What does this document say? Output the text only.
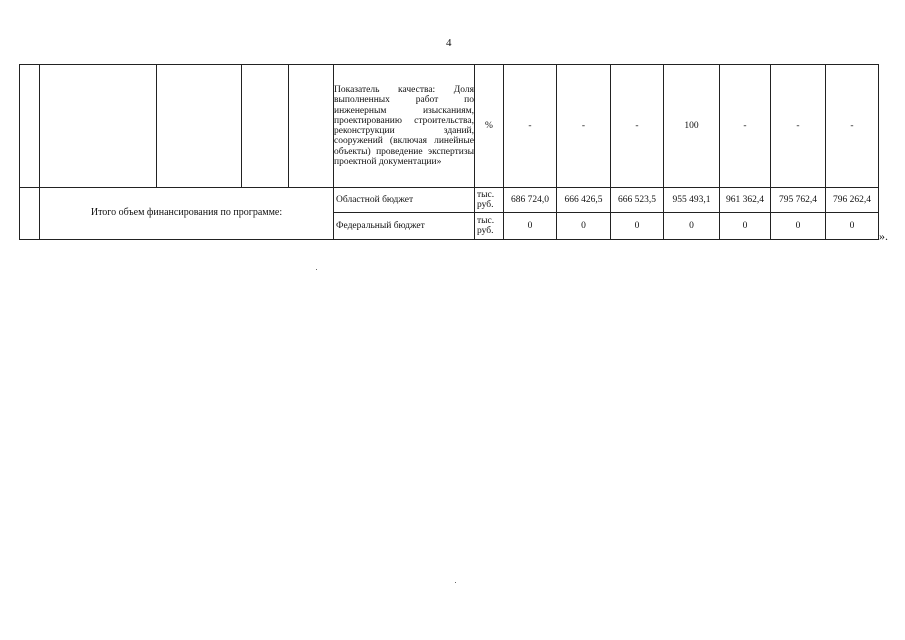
4
					Показатель качества: Доля выполненных работ по инженерным изысканиям, проектированию строительства, реконструкции зданий, сооружений (включая линейные объекты) проведение экспертизы проектной документации»	%	-	-	-	100	-	-	-
	Итого объем финансирования по программе:				Областной бюджет	тыс. руб.	686 724,0	666 426,5	666 523,5	955 493,1	961 362,4	795 762,4	796 262,4
					Федеральный бюджет	тыс. руб.	0	0	0	0	0	0	0
».
